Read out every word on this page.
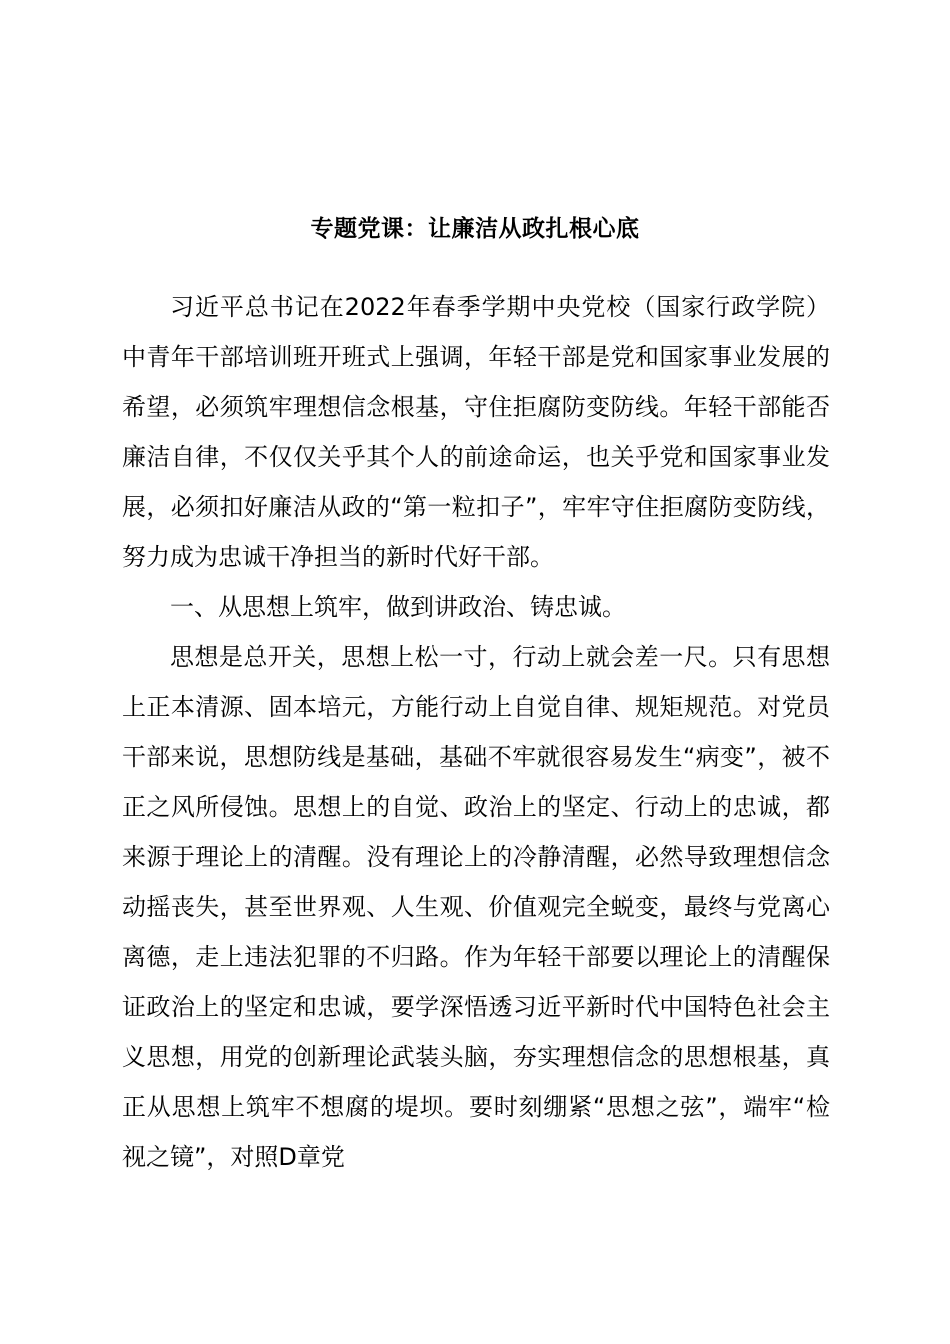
专题党课：让廉洁从政扎根心底

习近平总书记在2022年春季学期中央党校（国家行政学院）中青年干部培训班开班式上强调，年轻干部是党和国家事业发展的希望，必须筑牢理想信念根基，守住拒腐防变防线。年轻干部能否廉洁自律，不仅仅关乎其个人的前途命运，也关乎党和国家事业发展，必须扣好廉洁从政的“第一粒扣子”，牢牢守住拒腐防变防线，努力成为忠诚干净担当的新时代好干部。

一、从思想上筑牢，做到讲政治、铸忠诚。

思想是总开关，思想上松一寸，行动上就会差一尺。只有思想上正本清源、固本培元，方能行动上自觉自律、规矩规范。对党员干部来说，思想防线是基础，基础不牢就很容易发生“病变”，被不正之风所侵蚀。思想上的自觉、政治上的坚定、行动上的忠诚，都来源于理论上的清醒。没有理论上的冷静清醒，必然导致理想信念动摇丧失，甚至世界观、人生观、价值观完全蜕变，最终与党离心离德，走上违法犯罪的不归路。作为年轻干部要以理论上的清醒保证政治上的坚定和忠诚，要学深悟透习近平新时代中国特色社会主义思想，用党的创新理论武装头脑，夯实理想信念的思想根基，真正从思想上筑牢不想腐的堤坝。要时刻绷紧“思想之弦”，端牢“检视之镜”，对照D章党
